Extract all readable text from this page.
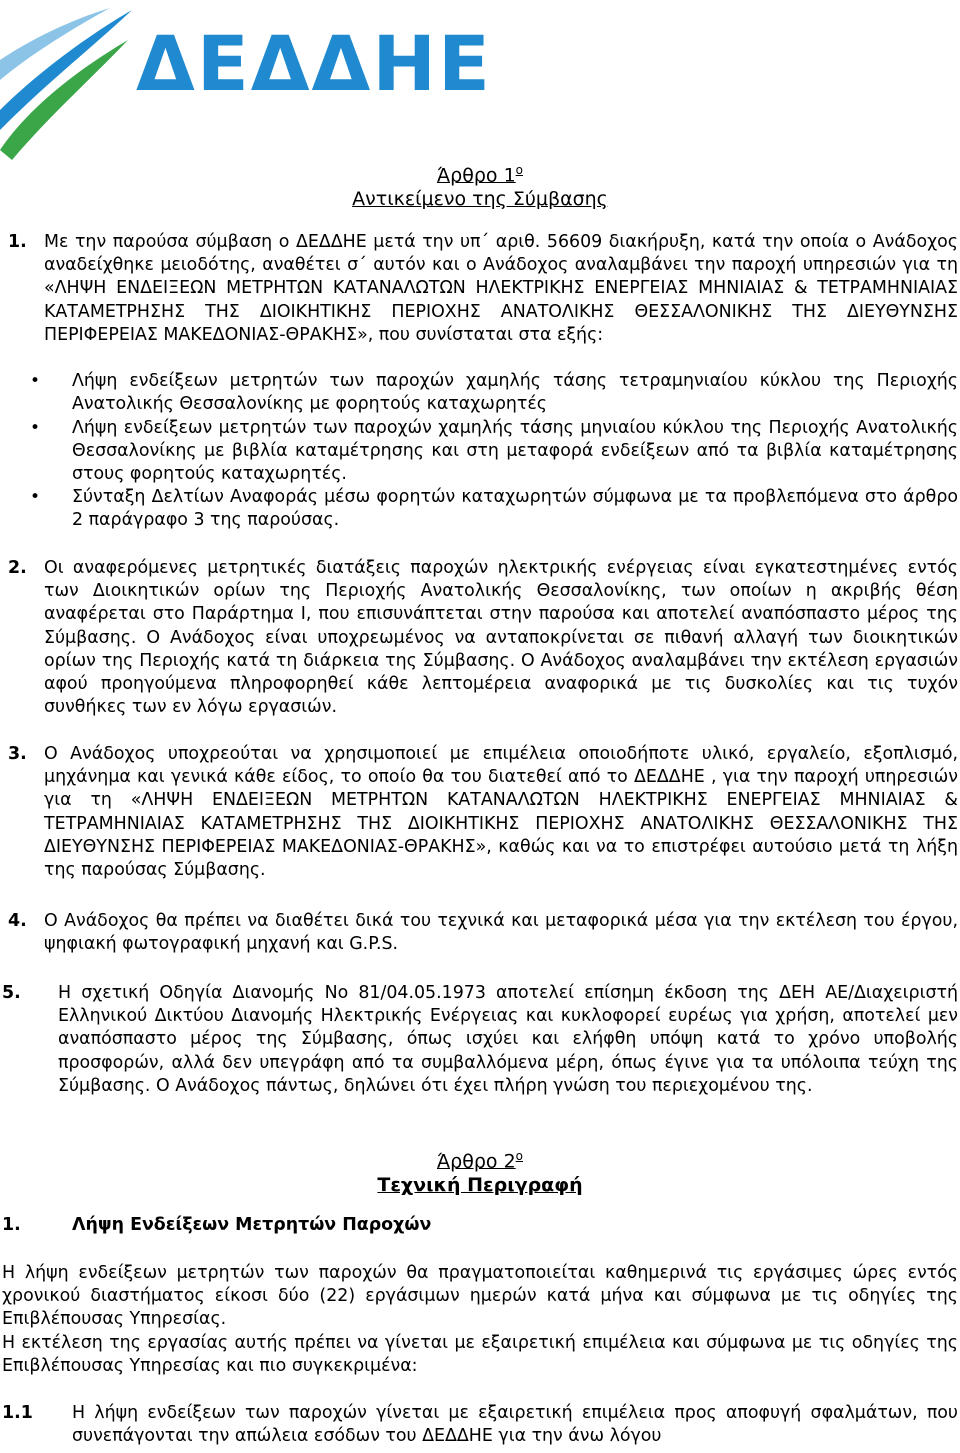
ΔΕΔΔΗΕ
Άρθρο $1^o$
Αντικείμενο της Σύμβασης
1. Με την παρούσα σύμβαση ο ΔΕΔΔΗΕ μετά την υπ΄ αριθ. 56609 διακήρυξη, κατά την οποία ο Ανάδοχος αναδείχθηκε μειοδότης, αναθέτει σ΄ αυτόν και ο Ανάδοχος αναλαμβάνει την παροχή υπηρεσιών για τη «ΛΗΨΗ ΕΝΔΕΙΞΕΩΝ ΜΕΤΡΗΤΩΝ ΚΑΤΑΝΑΛΩΤΩΝ ΗΛΕΚΤΡΙΚΗΣ ΕΝΕΡΓΕΙΑΣ ΜΗΝΙΑΙΑΣ & ΤΕΤΡΑΜΗΝΙΑΙΑΣ ΚΑΤΑΜΕΤΡΗΣΗΣ ΤΗΣ ΔΙΟΙΚΗΤΙΚΗΣ ΠΕΡΙΟΧΗΣ ΑΝΑΤΟΛΙΚΗΣ ΘΕΣΣΑΛΟΝΙΚΗΣ ΤΗΣ ΔΙΕΥΘΥΝΣΗΣ ΠΕΡΙΦΕΡΕΙΑΣ ΜΑΚΕΔΟΝΙΑΣ-ΘΡΑΚΗΣ», που συνίσταται στα εξής:
• Λήψη ενδείξεων μετρητών των παροχών χαμηλής τάσης τετραμηνιαίου κύκλου της Περιοχής Ανατολικής Θεσσαλονίκης με φορητούς καταχωρητές
• Λήψη ενδείξεων μετρητών των παροχών χαμηλής τάσης μηνιαίου κύκλου της Περιοχής Ανατολικής Θεσσαλονίκης με βιβλία καταμέτρησης και στη μεταφορά ενδείξεων από τα βιβλία καταμέτρησης στους φορητούς καταχωρητές.
• Σύνταξη Δελτίων Αναφοράς μέσω φορητών καταχωρητών σύμφωνα με τα προβλεπόμενα στο άρθρο 2 παράγραφο 3 της παρούσας.
2. Οι αναφερόμενες μετρητικές διατάξεις παροχών ηλεκτρικής ενέργειας είναι εγκατεστημένες εντός των Διοικητικών ορίων της Περιοχής Ανατολικής Θεσσαλονίκης, των οποίων η ακριβής θέση αναφέρεται στο Παράρτημα Ι, που επισυνάπτεται στην παρούσα και αποτελεί αναπόσπαστο μέρος της Σύμβασης. Ο Ανάδοχος είναι υποχρεωμένος να ανταποκρίνεται σε πιθανή αλλαγή των διοικητικών ορίων της Περιοχής κατά τη διάρκεια της Σύμβασης. Ο Ανάδοχος αναλαμβάνει την εκτέλεση εργασιών αφού προηγούμενα πληροφορηθεί κάθε λεπτομέρεια αναφορικά με τις δυσκολίες και τις τυχόν συνθήκες των εν λόγω εργασιών.
3. Ο Ανάδοχος υποχρεούται να χρησιμοποιεί με επιμέλεια οποιοδήποτε υλικό, εργαλείο, εξοπλισμό, μηχάνημα και γενικά κάθε είδος, το οποίο θα του διατεθεί από το ΔΕΔΔΗΕ , για την παροχή υπηρεσιών για τη «ΛΗΨΗ ΕΝΔΕΙΞΕΩΝ ΜΕΤΡΗΤΩΝ ΚΑΤΑΝΑΛΩΤΩΝ ΗΛΕΚΤΡΙΚΗΣ ΕΝΕΡΓΕΙΑΣ ΜΗΝΙΑΙΑΣ & ΤΕΤΡΑΜΗΝΙΑΙΑΣ ΚΑΤΑΜΕΤΡΗΣΗΣ ΤΗΣ ΔΙΟΙΚΗΤΙΚΗΣ ΠΕΡΙΟΧΗΣ ΑΝΑΤΟΛΙΚΗΣ ΘΕΣΣΑΛΟΝΙΚΗΣ ΤΗΣ ΔΙΕΥΘΥΝΣΗΣ ΠΕΡΙΦΕΡΕΙΑΣ ΜΑΚΕΔΟΝΙΑΣ-ΘΡΑΚΗΣ», καθώς και να το επιστρέφει αυτούσιο μετά τη λήξη της παρούσας Σύμβασης.
4. Ο Ανάδοχος θα πρέπει να διαθέτει δικά του τεχνικά και μεταφορικά μέσα για την εκτέλεση του έργου, ψηφιακή φωτογραφική μηχανή και G.P.S.
5. Η σχετική Οδηγία Διανομής Νο 81/04.05.1973 αποτελεί επίσημη έκδοση της ΔΕΗ ΑΕ/Διαχειριστή Ελληνικού Δικτύου Διανομής Ηλεκτρικής Ενέργειας και κυκλοφορεί ευρέως για χρήση, αποτελεί μεν αναπόσπαστο μέρος της Σύμβασης, όπως ισχύει και ελήφθη υπόψη κατά το χρόνο υποβολής προσφορών, αλλά δεν υπεγράφη από τα συμβαλλόμενα μέρη, όπως έγινε για τα υπόλοιπα τεύχη της Σύμβασης. Ο Ανάδοχος πάντως, δηλώνει ότι έχει πλήρη γνώση του περιεχομένου της.
Άρθρο $2^o$
Τεχνική Περιγραφή
1.	Λήψη Ενδείξεων Μετρητών Παροχών
Η λήψη ενδείξεων μετρητών των παροχών θα πραγματοποιείται καθημερινά τις εργάσιμες ώρες εντός χρονικού διαστήματος είκοσι δύο (22) εργάσιμων ημερών κατά μήνα και σύμφωνα με τις οδηγίες της Επιβλέπουσας Υπηρεσίας.
Η εκτέλεση της εργασίας αυτής πρέπει να γίνεται με εξαιρετική επιμέλεια και σύμφωνα με τις οδηγίες της Επιβλέπουσας Υπηρεσίας και πιο συγκεκριμένα:
1.1 Η λήψη ενδείξεων των παροχών γίνεται με εξαιρετική επιμέλεια προς αποφυγή σφαλμάτων, που συνεπάγονται την απώλεια εσόδων του ΔΕΔΔΗΕ για την άνω λόγου
